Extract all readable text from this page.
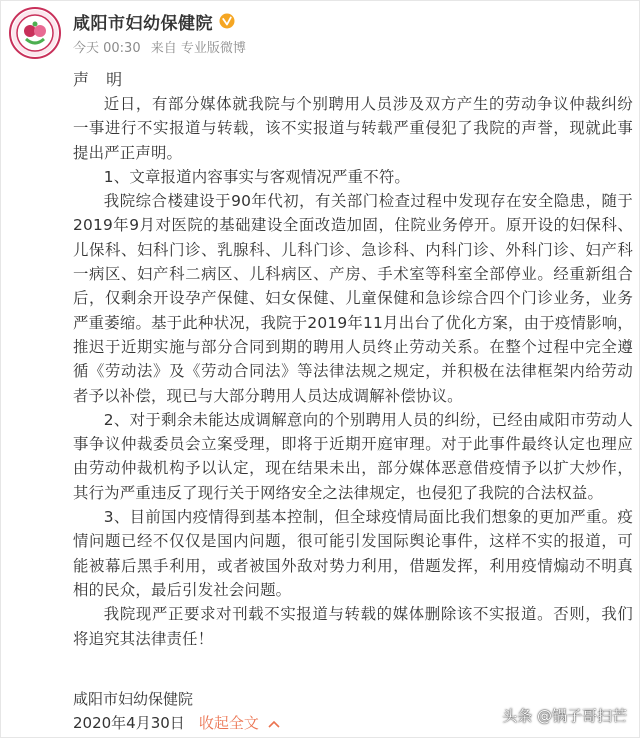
咸阳市妇幼保健院
今天 00:30 来自 专业版微博
声 明

近日，有部分媒体就我院与个别聘用人员涉及双方产生的劳动争议仲裁纠纷一事进行不实报道与转载，该不实报道与转载严重侵犯了我院的声誉，现就此事提出严正声明。

1、文章报道内容事实与客观情况严重不符。

我院综合楼建设于90年代初，有关部门检查过程中发现存在安全隐患，随于2019年9月对医院的基础建设全面改造加固，住院业务停开。原开设的妇保科、儿保科、妇科门诊、乳腺科、儿科门诊、急诊科、内科门诊、外科门诊、妇产科一病区、妇产科二病区、儿科病区、产房、手术室等科室全部停业。经重新组合后，仅剩余开设孕产保健、妇女保健、儿童保健和急诊综合四个门诊业务，业务严重萎缩。基于此种状况，我院于2019年11月出台了优化方案，由于疫情影响，推迟于近期实施与部分合同到期的聘用人员终止劳动关系。在整个过程中完全遵循《劳动法》及《劳动合同法》等法律法规之规定，并积极在法律框架内给劳动者予以补偿，现已与大部分聘用人员达成调解补偿协议。

2、对于剩余未能达成调解意向的个别聘用人员的纠纷，已经由咸阳市劳动人事争议仲裁委员会立案受理，即将于近期开庭审理。对于此事件最终认定也理应由劳动仲裁机构予以认定，现在结果未出，部分媒体恶意借疫情予以扩大炒作，其行为严重违反了现行关于网络安全之法律规定，也侵犯了我院的合法权益。

3、目前国内疫情得到基本控制，但全球疫情局面比我们想象的更加严重。疫情问题已经不仅仅是国内问题，很可能引发国际舆论事件，这样不实的报道，可能被幕后黑手利用，或者被国外敌对势力利用，借题发挥，利用疫情煽动不明真相的民众，最后引发社会问题。

我院现严正要求对刊载不实报道与转载的媒体删除该不实报道。否则，我们将追究其法律责任！

咸阳市妇幼保健院
2020年4月30日 收起全文	头条 @锅子哥扫芒
